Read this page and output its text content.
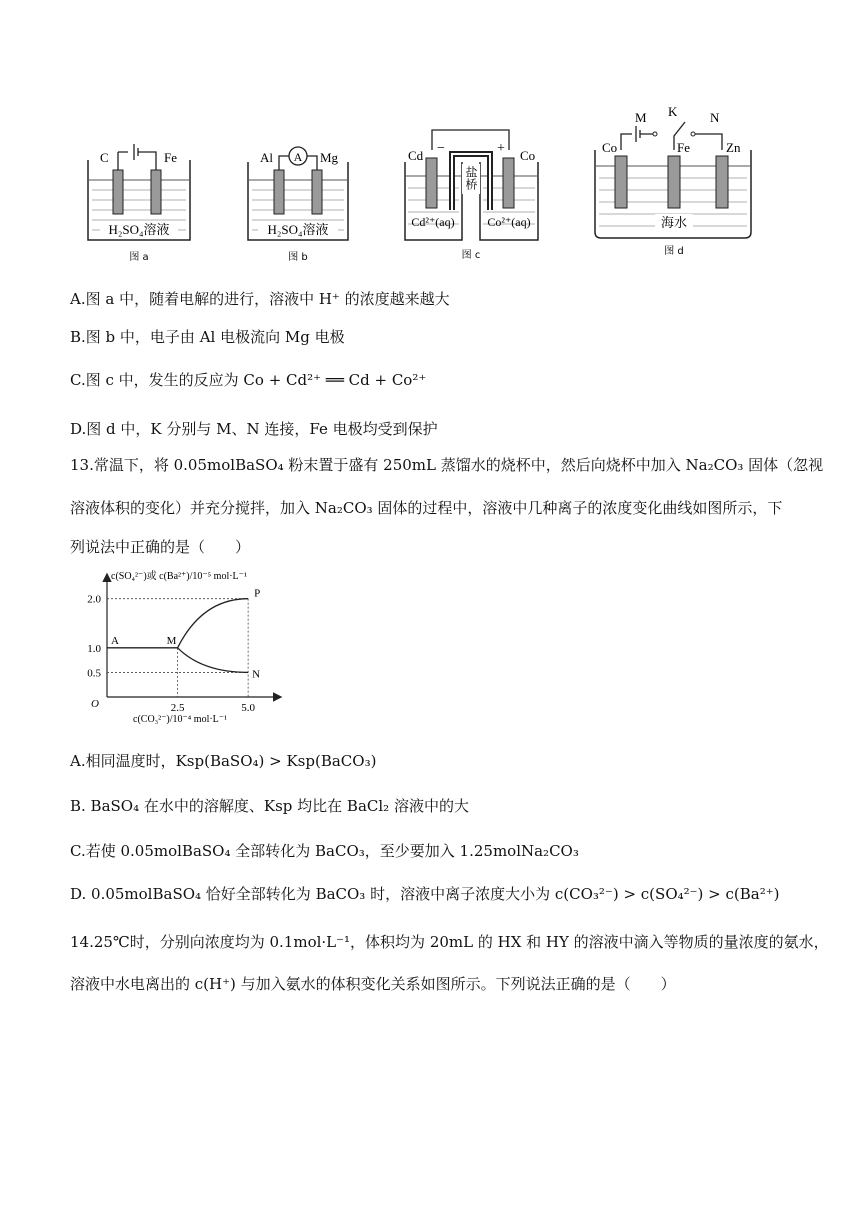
C	Fe
H₂SO₄溶液
图 a
Al A Mg
H₂SO₄溶液
图 b
Cd	Co
−	+
盐桥
Cd²⁺(aq)	Co²⁺(aq)
图 c
M K	N
Co	Fe	Zn
海水
图 d
A.图 a 中，随着电解的进行，溶液中 H⁺ 的浓度越来越大
B.图 b 中，电子由 Al 电极流向 Mg 电极
C.图 c 中，发生的反应为 Co + Cd²⁺ ══ Cd + Co²⁺
D.图 d 中，K 分别与 M、N 连接，Fe 电极均受到保护
13.常温下，将 0.05molBaSO₄ 粉末置于盛有 250mL 蒸馏水的烧杯中，然后向烧杯中加入 Na₂CO₃ 固体（忽视
溶液体积的变化）并充分搅拌，加入 Na₂CO₃ 固体的过程中，溶液中几种离子的浓度变化曲线如图所示，下
列说法中正确的是（　　）
c(SO₄²⁻)或 c(Ba²⁺)/10⁻⁵ mol·L⁻¹
c(CO₃²⁻)/10⁻⁴ mol·L⁻¹
O
0.5
1.0
2.0
2.5	5.0
A	M
P
N
A.相同温度时，Ksp(BaSO₄) > Ksp(BaCO₃)
B. BaSO₄ 在水中的溶解度、Ksp 均比在 BaCl₂ 溶液中的大
C.若使 0.05molBaSO₄ 全部转化为 BaCO₃，至少要加入 1.25molNa₂CO₃
D. 0.05molBaSO₄ 恰好全部转化为 BaCO₃ 时，溶液中离子浓度大小为 c(CO₃²⁻) > c(SO₄²⁻) > c(Ba²⁺)
14.25℃时，分别向浓度均为 0.1mol·L⁻¹，体积均为 20mL 的 HX 和 HY 的溶液中滴入等物质的量浓度的氨水，
溶液中水电离出的 c(H⁺) 与加入氨水的体积变化关系如图所示。下列说法正确的是（　　）
